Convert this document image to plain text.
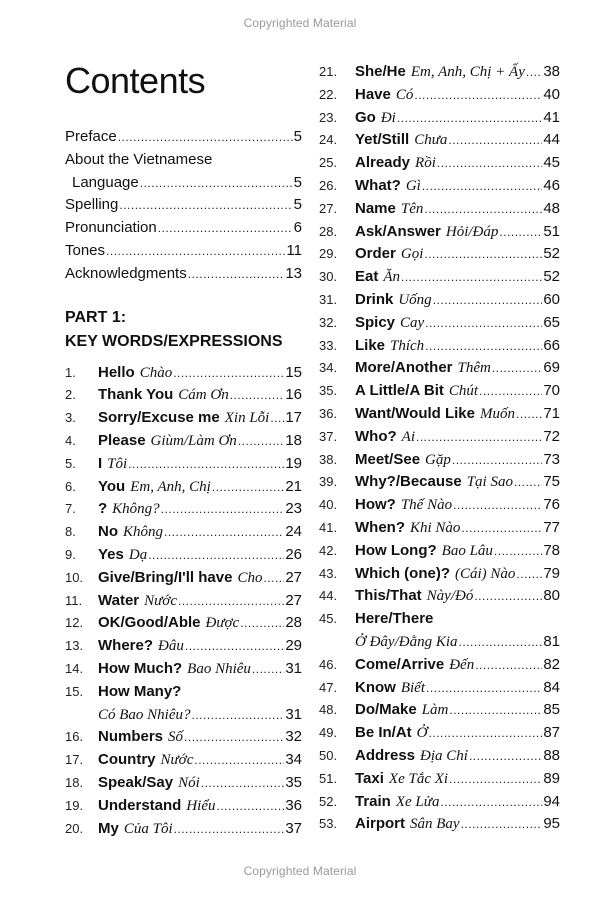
Copyrighted Material
Contents
Preface .....	5
About the Vietnamese
Language .....	5
Spelling .....	5
Pronunciation .....	6
Tones .....	11
Acknowledgments .....	13
PART 1:
KEY WORDS/EXPRESSIONS
1.	Hello Chào .....	15
2.	Thank You Cám Ơn .....	16
3.	Sorry/Excuse me Xin Lỗi ..... 17
4.	Please Giùm/Làm Ơn .....	18
5.	I Tôi .....	19
6.	You Em, Anh, Chị .....	21
7.	? Không? .....	23
8.	No Không .....	24
9.	Yes Dạ .....	26
10. Give/Bring/I'll have Cho ..... 27
11.	Water Nước .....	27
12. OK/Good/Able Được .....	28
13. Where? Đâu .....	29
14. How Much? Bao Nhiêu ..... 31
15. How Many?
Có Bao Nhiêu? .....	31
16. Numbers Số .....	32
17. Country Nước .....	34
18. Speak/Say Nói .....	35
19. Understand Hiểu .....	36
20. My Của Tôi .....	37
21.	She/He Em, Anh, Chị + Ấy ..... 38
22.	Have Có .....	40
23.	Go Đi .....	41
24.	Yet/Still Chưa .....	44
25.	Already Rồi .....	45
26.	What? Gì .....	46
27.	Name Tên .....	48
28.	Ask/Answer Hỏi/Đáp .....	51
29.	Order Gọi .....	52
30.	Eat Ăn .....	52
31.	Drink Uống .....	60
32.	Spicy Cay .....	65
33.	Like Thích .....	66
34.	More/Another Thêm .....	69
35.	A Little/A Bit Chút .....	70
36.	Want/Would Like Muốn ..... 71
37.	Who? Ai .....	72
38.	Meet/See Gặp .....	73
39.	Why?/Because Tại Sao ..... 75
40.	How? Thế Nào .....	76
41.	When? Khi Nào .....	77
42.	How Long? Bao Lâu .....	78
43.	Which (one)? (Cái) Nào ..... 79
44.	This/That Này/Đó .....	80
45.	Here/There
Ở Đây/Đằng Kia .....	81
46.	Come/Arrive Đến .....	82
47.	Know Biết .....	84
48.	Do/Make Làm .....	85
49.	Be In/At Ở .....	87
50.	Address Địa Chỉ .....	88
51.	Taxi Xe Tắc Xi .....	89
52.	Train Xe Lửa .....	94
53.	Airport Sân Bay .....	95
Copyrighted Material
